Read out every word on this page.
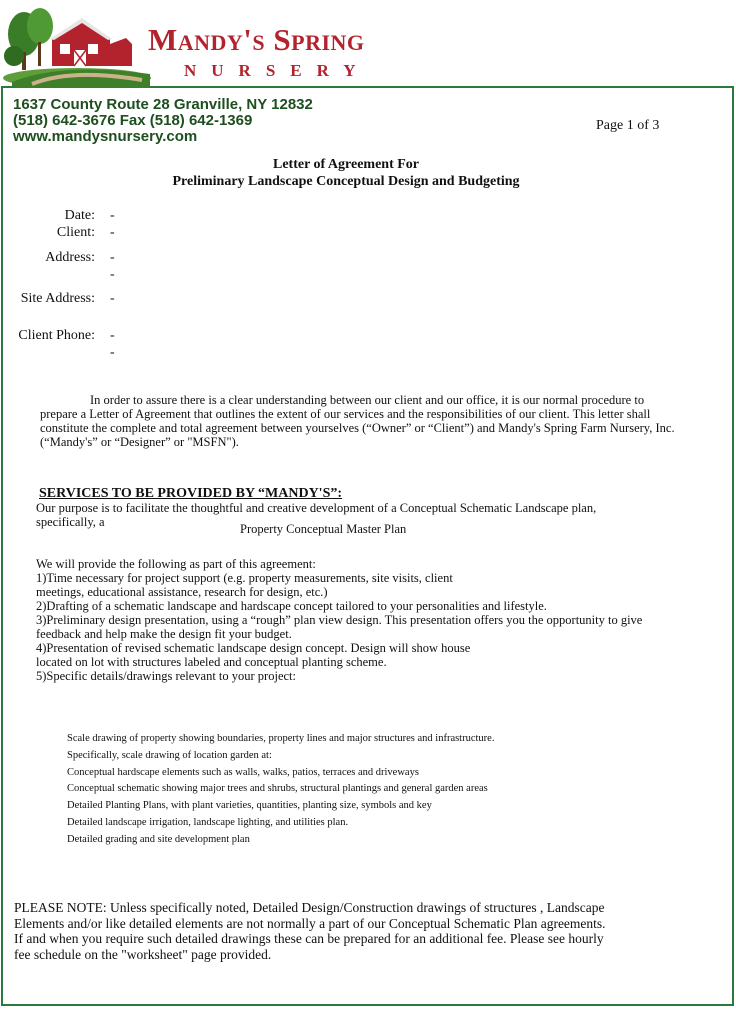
Mandy's Spring
NURSERY
1637 County Route 28 Granville, NY 12832
(518) 642-3676 Fax (518) 642-1369
www.mandysnursery.com
Page 1 of 3
Letter of Agreement For
Preliminary Landscape Conceptual Design and Budgeting
Date: -
Client: -
Address: -
-
Site Address: -
Client Phone: -
-
In order to assure there is a clear understanding between our client and our office, it is our normal procedure to
prepare a Letter of Agreement that outlines the extent of our services and the responsibilities of our client. This letter shall
constitute the complete and total agreement between yourselves (“Owner” or “Client”) and Mandy's Spring Farm Nursery, Inc.
(“Mandy's” or “Designer” or "MSFN").
SERVICES TO BE PROVIDED BY “MANDY'S”:
Our purpose is to facilitate the thoughtful and creative development of a Conceptual Schematic Landscape plan,
specifically, a	Property Conceptual Master Plan
We will provide the following as part of this agreement:
1)Time necessary for project support (e.g. property measurements, site visits, client
meetings, educational assistance, research for design, etc.)
2)Drafting of a schematic landscape and hardscape concept tailored to your personalities and lifestyle.
3)Preliminary design presentation, using a “rough” plan view design. This presentation offers you the opportunity to give
feedback and help make the design fit your budget.
4)Presentation of revised schematic landscape design concept. Design will show house
located on lot with structures labeled and conceptual planting scheme.
5)Specific details/drawings relevant to your project:
Scale drawing of property showing boundaries, property lines and major structures and infrastructure.
Specifically, scale drawing of location garden at:
Conceptual hardscape elements such as walls, walks, patios, terraces and driveways
Conceptual schematic showing major trees and shrubs, structural plantings and general garden areas
Detailed Planting Plans, with plant varieties, quantities, planting size, symbols and key
Detailed landscape irrigation, landscape lighting, and utilities plan.
Detailed grading and site development plan
PLEASE NOTE: Unless specifically noted, Detailed Design/Construction drawings of structures , Landscape
Elements and/or like detailed elements are not normally a part of our Conceptual Schematic Plan agreements.
If and when you require such detailed drawings these can be prepared for an additional fee. Please see hourly
fee schedule on the "worksheet" page provided.
